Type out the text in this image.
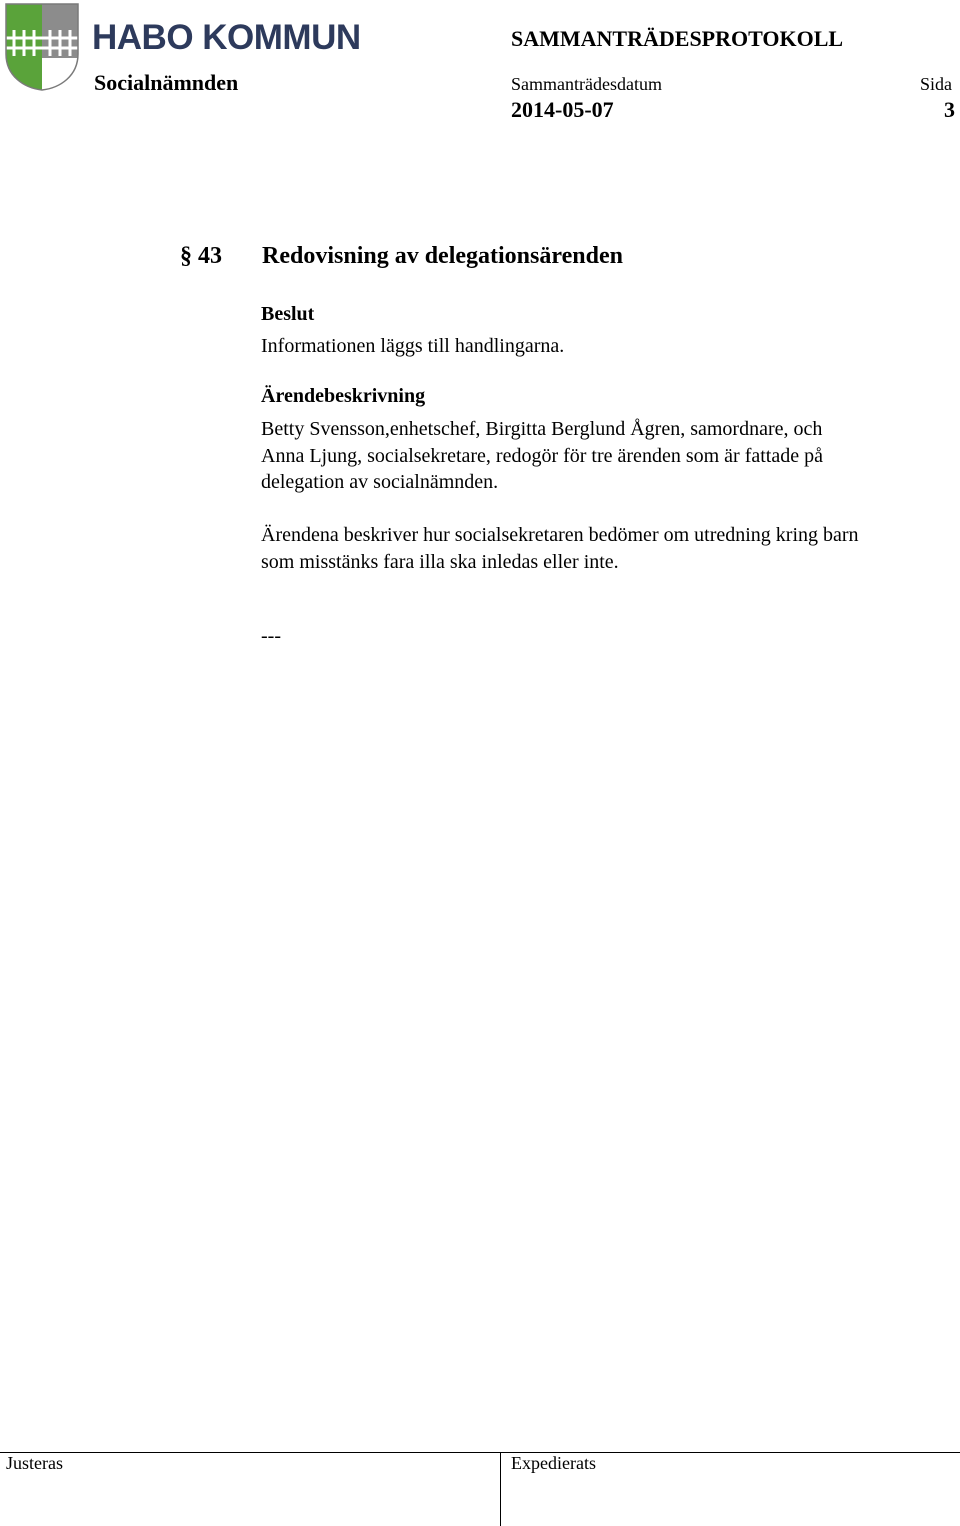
HABO KOMMUN
Socialnämnden
SAMMANTRÄDESPROTOKOLL
Sammanträdesdatum	Sida
2014-05-07	3
§ 43 Redovisning av delegationsärenden
Beslut
Informationen läggs till handlingarna.
Ärendebeskrivning
Betty Svensson,enhetschef, Birgitta Berglund Ågren, samordnare, och
Anna Ljung, socialsekretare, redogör för tre ärenden som är fattade på
delegation av socialnämnden.
Ärendena beskriver hur socialsekretaren bedömer om utredning kring barn
som misstänks fara illa ska inledas eller inte.
---
Justeras	Expedierats
